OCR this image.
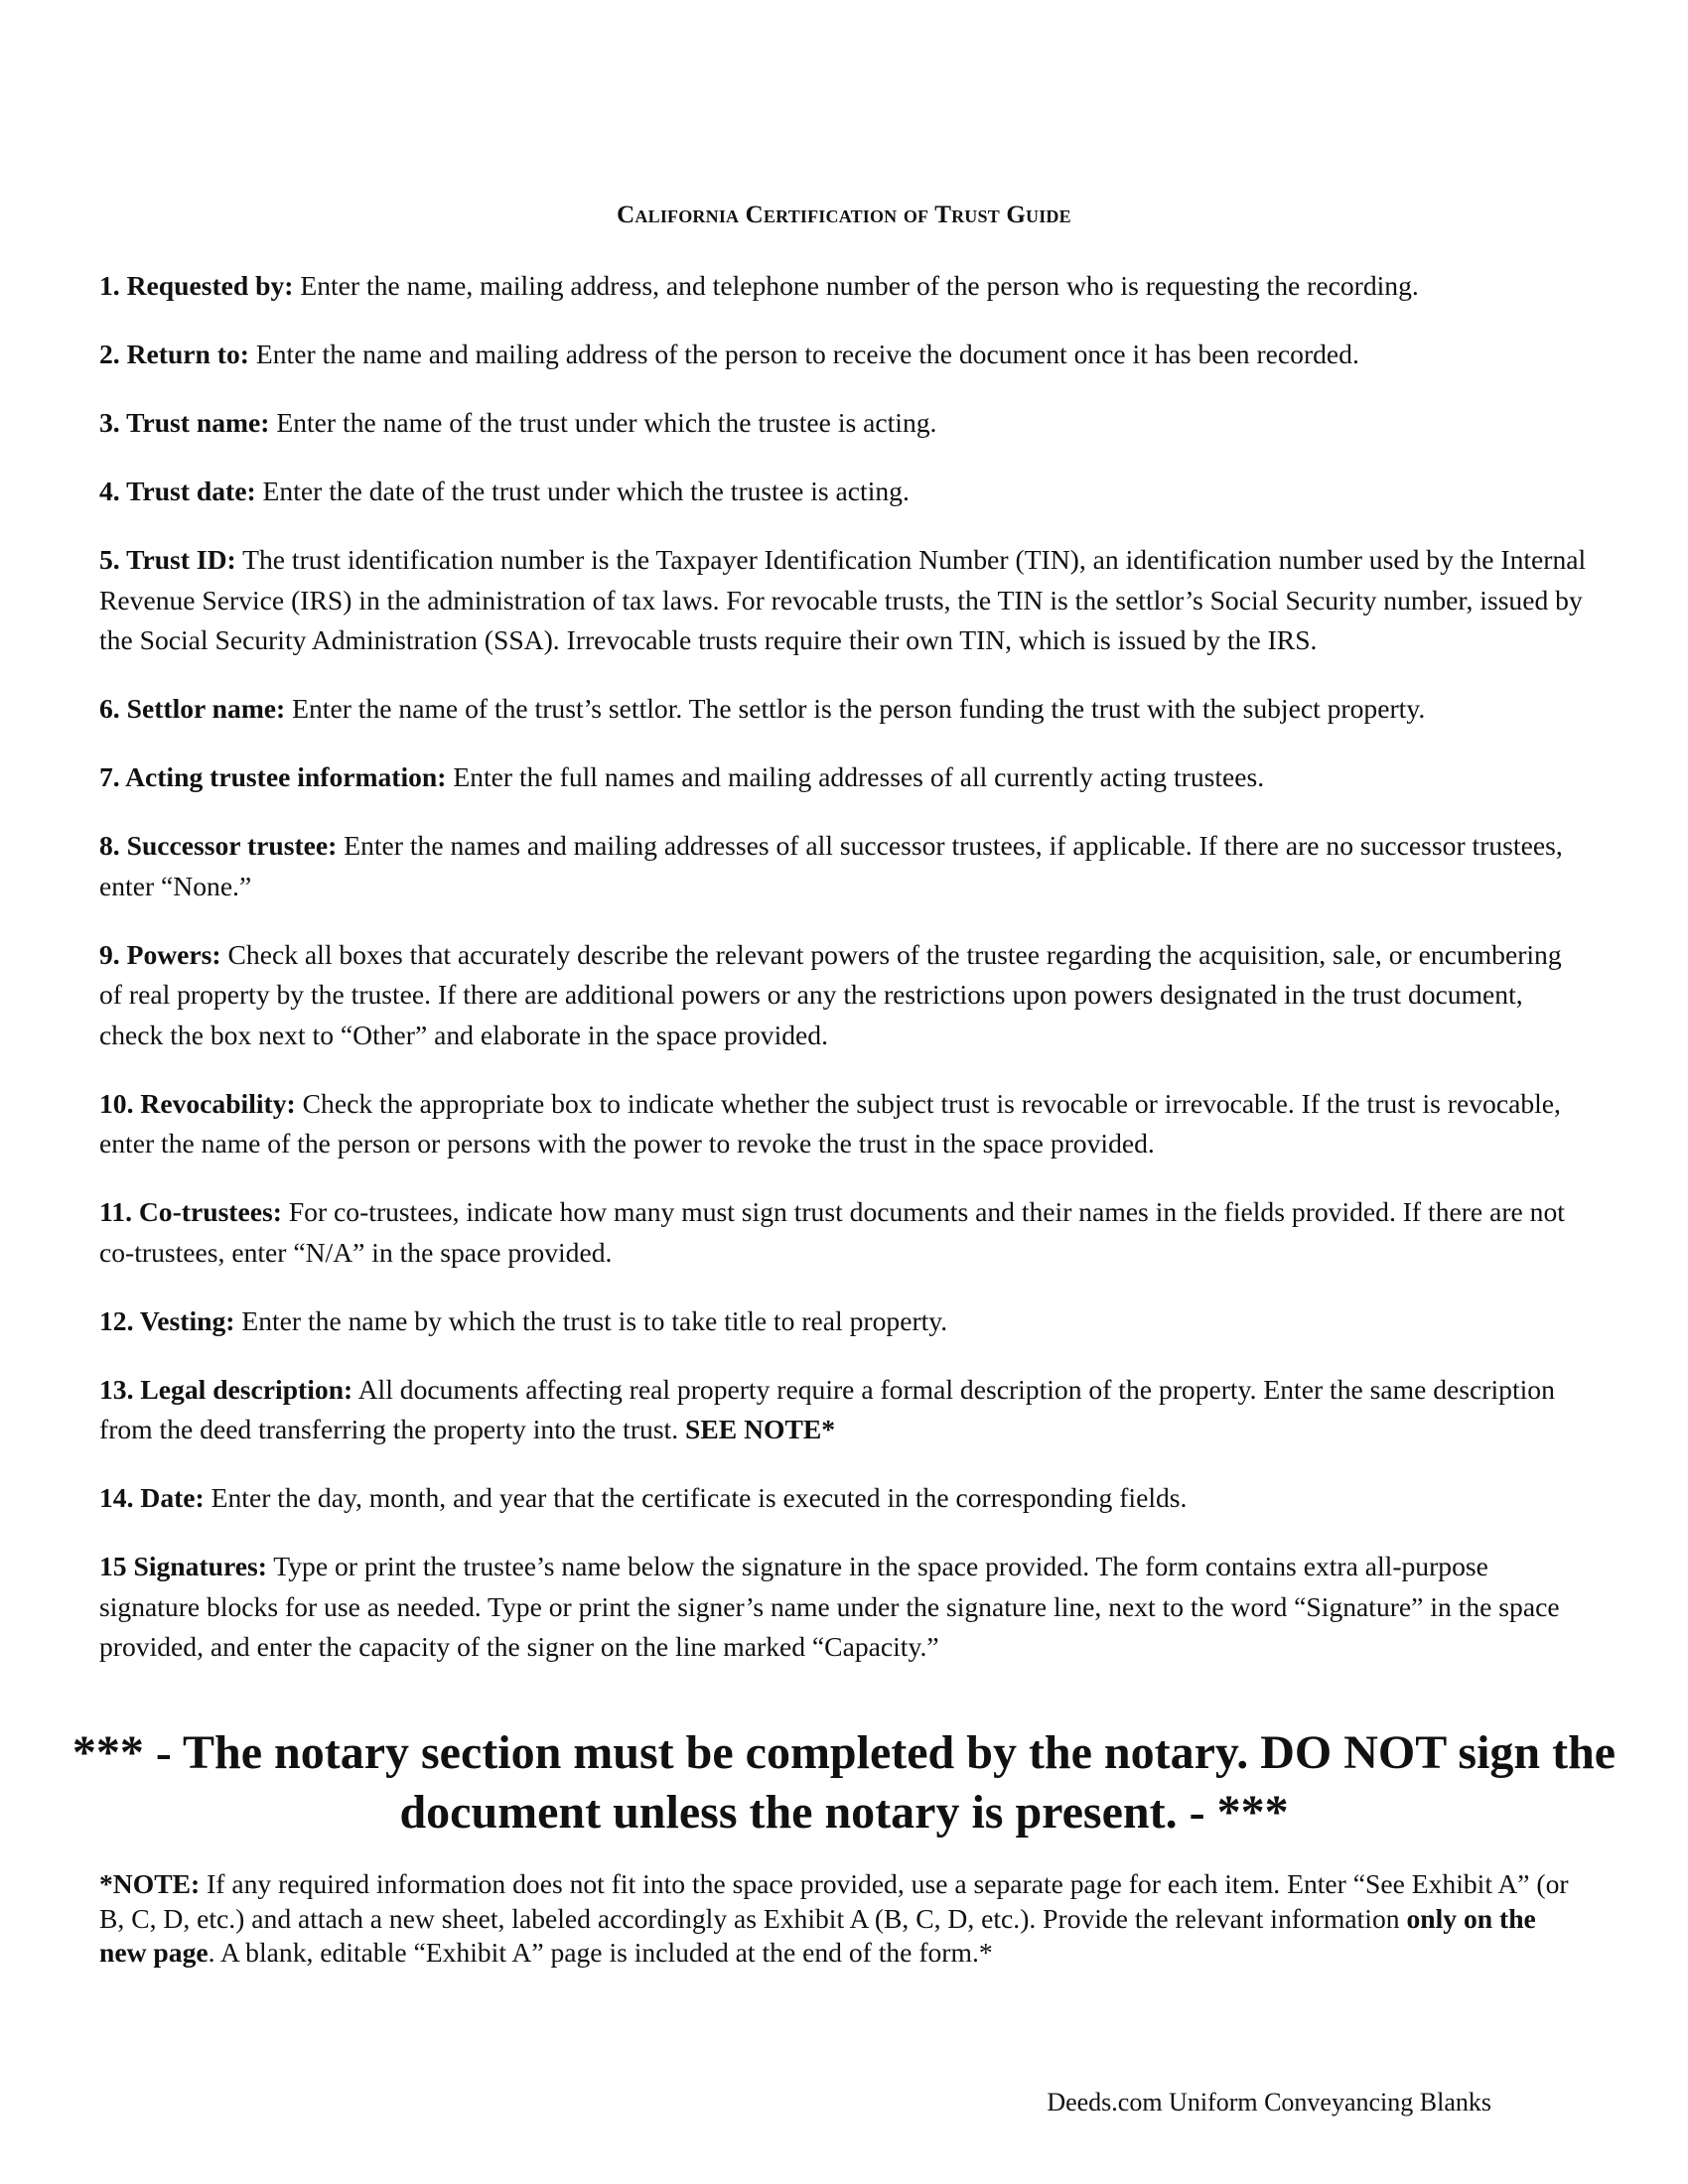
California Certification of Trust Guide

1. Requested by: Enter the name, mailing address, and telephone number of the person who is requesting the recording.

2. Return to: Enter the name and mailing address of the person to receive the document once it has been recorded.

3. Trust name: Enter the name of the trust under which the trustee is acting.

4. Trust date: Enter the date of the trust under which the trustee is acting.

5. Trust ID: The trust identification number is the Taxpayer Identification Number (TIN), an identification number used by the Internal Revenue Service (IRS) in the administration of tax laws. For revocable trusts, the TIN is the settlor’s Social Security number, issued by the Social Security Administration (SSA). Irrevocable trusts require their own TIN, which is issued by the IRS.

6. Settlor name: Enter the name of the trust’s settlor. The settlor is the person funding the trust with the subject property.

7. Acting trustee information: Enter the full names and mailing addresses of all currently acting trustees.

8. Successor trustee: Enter the names and mailing addresses of all successor trustees, if applicable. If there are no successor trustees, enter “None.”

9. Powers: Check all boxes that accurately describe the relevant powers of the trustee regarding the acquisition, sale, or encumbering of real property by the trustee. If there are additional powers or any the restrictions upon powers designated in the trust document, check the box next to “Other” and elaborate in the space provided.

10. Revocability: Check the appropriate box to indicate whether the subject trust is revocable or irrevocable. If the trust is revocable, enter the name of the person or persons with the power to revoke the trust in the space provided.

11. Co-trustees: For co-trustees, indicate how many must sign trust documents and their names in the fields provided. If there are not co-trustees, enter “N/A” in the space provided.

12. Vesting: Enter the name by which the trust is to take title to real property.

13. Legal description: All documents affecting real property require a formal description of the property. Enter the same description from the deed transferring the property into the trust. SEE NOTE*

14. Date: Enter the day, month, and year that the certificate is executed in the corresponding fields.

15 Signatures: Type or print the trustee’s name below the signature in the space provided. The form contains extra all-purpose signature blocks for use as needed. Type or print the signer’s name under the signature line, next to the word “Signature” in the space provided, and enter the capacity of the signer on the line marked “Capacity.”

*** - The notary section must be completed by the notary. DO NOT sign the document unless the notary is present. - ***
*NOTE: If any required information does not fit into the space provided, use a separate page for each item. Enter “See Exhibit A” (or B, C, D, etc.) and attach a new sheet, labeled accordingly as Exhibit A (B, C, D, etc.). Provide the relevant information only on the new page. A blank, editable “Exhibit A” page is included at the end of the form.*
Deeds.com Uniform Conveyancing Blanks
